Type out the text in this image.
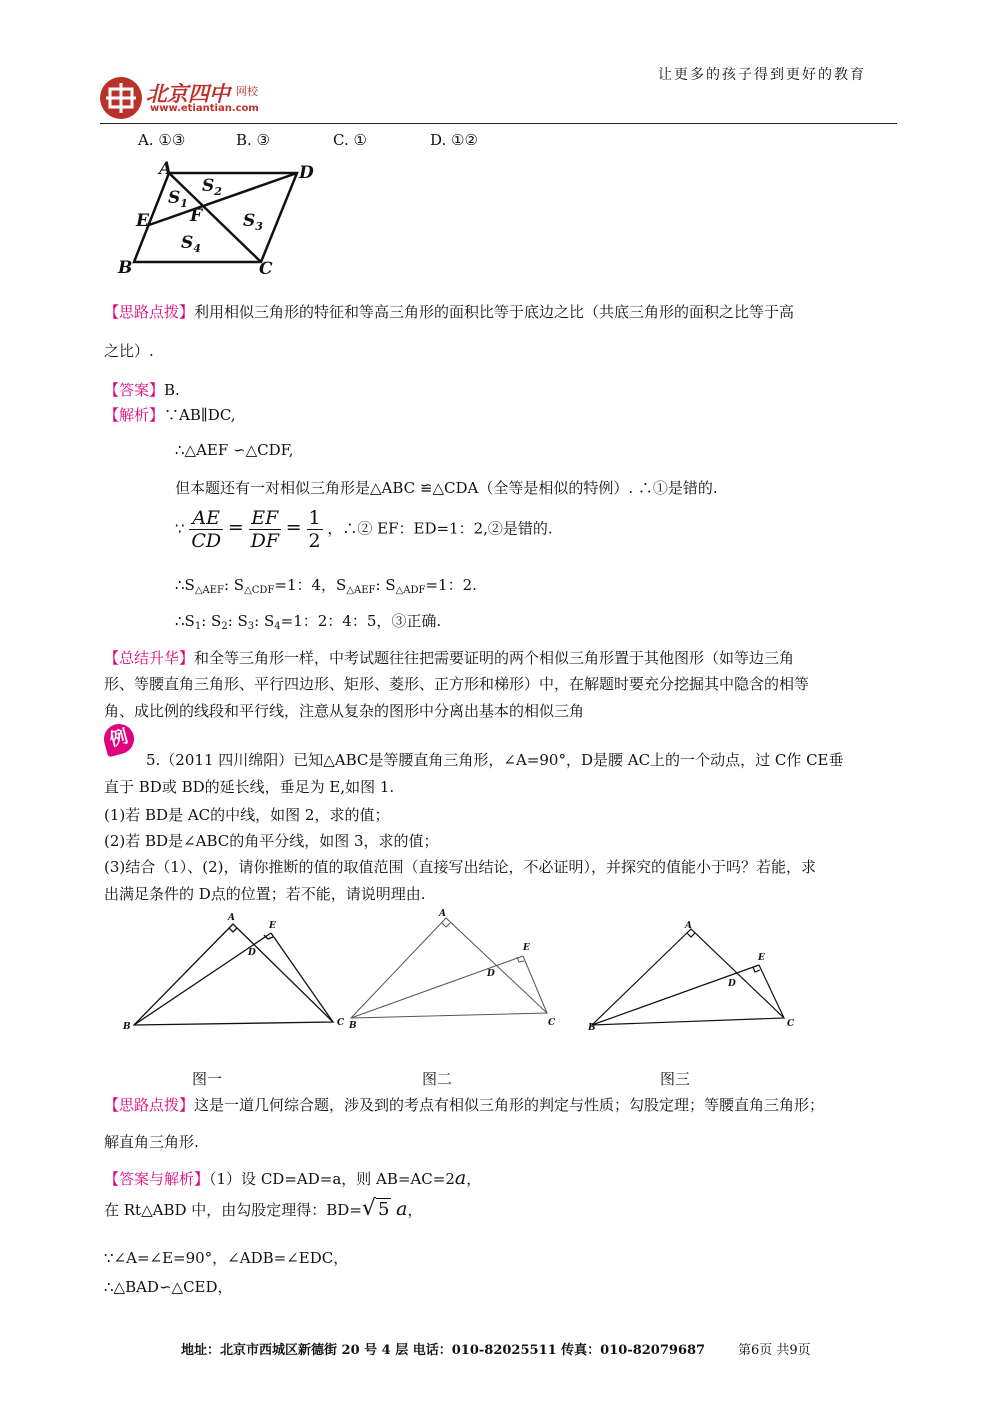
北京四中 网校
www.etiantian.com
让更多的孩子得到更好的教育
A. ①③	B. ③	C. ①	D. ①②
A	D
E F
B	C
$S_1$
$S_2$
$S_3$
$S_4$
【思路点拨】利用相似三角形的特征和等高三角形的面积比等于底边之比（共底三角形的面积之比等于高
之比）.
【答案】B.
【解析】∵AB∥DC,
∴△AEF ∽△CDF,
但本题还有一对相似三角形是△ABC ≌△CDA（全等是相似的特例）. ∴①是错的.
∵ $\frac{AE}{CD} = \frac{EF}{DF} = \frac{1}{2}$ ，∴② EF：ED=1：2,②是错的.
$\therefore S_{\triangle AEF}$: $S_{\triangle CDF}=1$：4，$S_{\triangle AEF}$: $S_{\triangle ADF}=1$：2.
$\therefore S_1$: $S_2$: $S_3$: $S_4=1$：2：4：5，③正确.
【总结升华】和全等三角形一样，中考试题往往把需要证明的两个相似三角形置于其他图形（如等边三角
形、等腰直角三角形、平行四边形、矩形、菱形、正方形和梯形）中，在解题时要充分挖掘其中隐含的相等
角、成比例的线段和平行线，注意从复杂的图形中分离出基本的相似三角
例
5.（2011 四川绵阳）已知△ABC是等腰直角三角形，∠A=90°，D是腰 AC上的一个动点，过 C作 CE垂
直于 BD或 BD的延长线，垂足为 E,如图 1.
(1)若 BD是 AC的中线，如图 2，求的值；
(2)若 BD是∠ABC的角平分线，如图 3，求的值；
(3)结合（1）、(2)，请你推断的值的取值范围（直接写出结论，不必证明），并探究的值能小于吗？若能，求
出满足条件的 D点的位置；若不能，请说明理由.
A
E
D
B	C
A
E
D
B	C
A
E
D
B	C
图一	图二	图三
【思路点拨】这是一道几何综合题，涉及到的考点有相似三角形的判定与性质；勾股定理；等腰直角三角形；
解直角三角形.
【答案与解析】（1）设 CD=AD=a，则 AB=AC=2a，
在 Rt△ABD 中，由勾股定理得：BD=√ 5 a，
∵∠A=∠E=90°，∠ADB=∠EDC，
∴△BAD∽△CED，
地址：北京市西城区新德街 20 号 4 层 电话：010-82025511 传真：010-82079687	第6页 共9页
